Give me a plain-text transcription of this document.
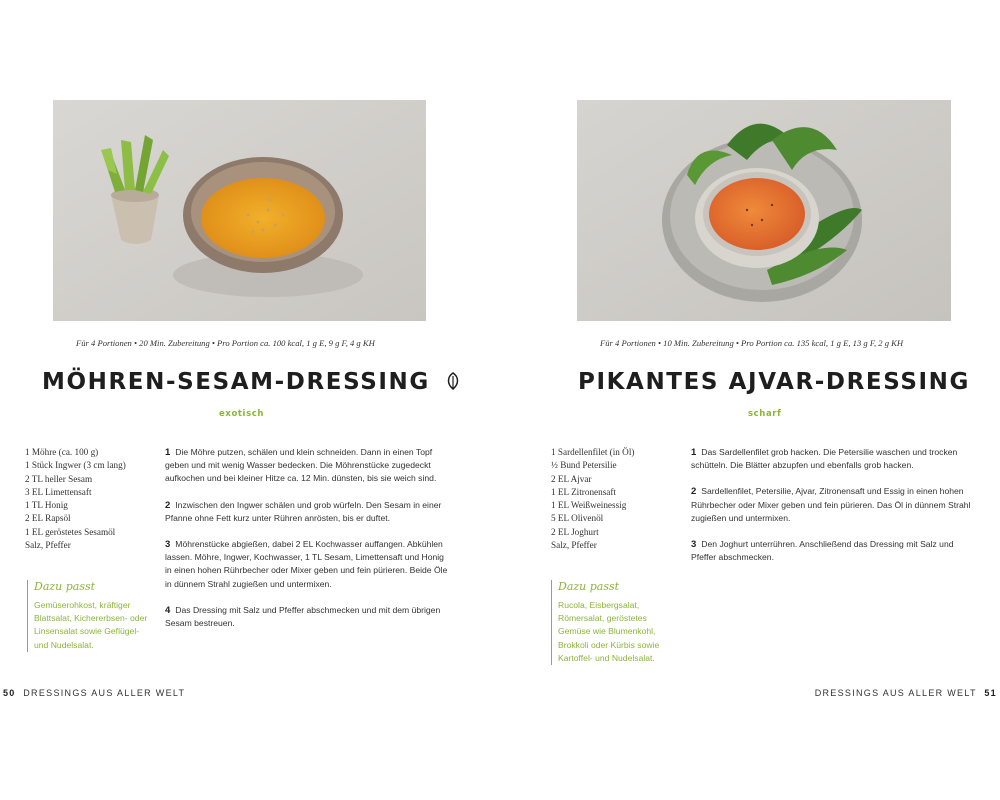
Für 4 Portionen • 20 Min. Zubereitung • Pro Portion ca. 100 kcal, 1 g E, 9 g F, 4 g KH
MÖHREN-SESAM-DRESSING
exotisch
1 Möhre (ca. 100 g)
1 Stück Ingwer (3 cm lang)
2 TL heller Sesam
3 EL Limettensaft
1 TL Honig
2 EL Rapsöl
1 EL geröstetes Sesamöl
Salz, Pfeffer

1 Die Möhre putzen, schälen und klein schneiden. Dann in einen Topf geben und mit wenig Wasser bedecken. Die Möhrenstücke zugedeckt aufkochen und bei kleiner Hitze ca. 12 Min. dünsten, bis sie weich sind.

2 Inzwischen den Ingwer schälen und grob würfeln. Den Sesam in einer Pfanne ohne Fett kurz unter Rühren anrösten, bis er duftet.

3 Möhrenstücke abgießen, dabei 2 EL Kochwasser auffangen. Abkühlen lassen. Möhre, Ingwer, Kochwasser, 1 TL Sesam, Limettensaft und Honig in einen hohen Rührbecher oder Mixer geben und fein pürieren. Beide Öle in dünnem Strahl zugießen und untermixen.

4 Das Dressing mit Salz und Pfeffer abschmecken und mit dem übrigen Sesam bestreuen.

Dazu passt

Gemüserohkost, kräftiger Blattsalat, Kichererbsen- oder Linsensalat sowie Geflügel- und Nudelsalat.

50 DRESSINGS AUS ALLER WELT
Für 4 Portionen • 10 Min. Zubereitung • Pro Portion ca. 135 kcal, 1 g E, 13 g F, 2 g KH
PIKANTES AJVAR-DRESSING
scharf
1 Sardellenfilet (in Öl)
½ Bund Petersilie
2 EL Ajvar
1 EL Zitronensaft
1 EL Weißweinessig
5 EL Olivenöl
2 EL Joghurt
Salz, Pfeffer

1 Das Sardellenfilet grob hacken. Die Petersilie waschen und trocken schütteln. Die Blätter abzupfen und ebenfalls grob hacken.

2 Sardellenfilet, Petersilie, Ajvar, Zitronensaft und Essig in einen hohen Rührbecher oder Mixer geben und fein pürieren. Das Öl in dünnem Strahl zugießen und untermixen.

3 Den Joghurt unterrühren. Anschließend das Dressing mit Salz und Pfeffer abschmecken.

Dazu passt

Rucola, Eisbergsalat, Römersalat, geröstetes Gemüse wie Blumenkohl, Brokkoli oder Kürbis sowie Kartoffel- und Nudelsalat.

DRESSINGS AUS ALLER WELT 51
